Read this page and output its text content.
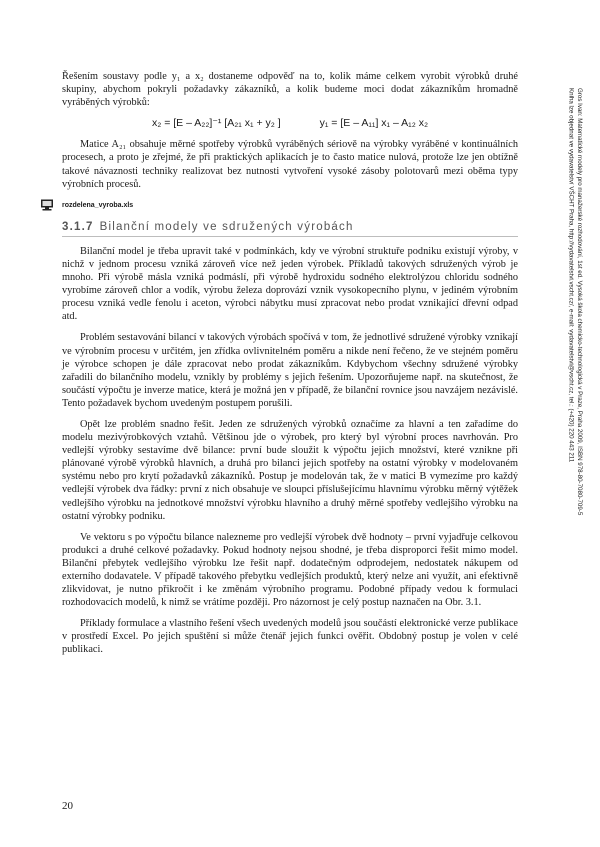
Řešením soustavy podle y₁ a x₂ dostaneme odpověď na to, kolik máme celkem vyrobit výrobků druhé skupiny, abychom pokryli požadavky zákazníků, a kolik budeme moci dodat zákazníkům hromadně vyráběných výrobků:

x₂ = [E – A₂₂]⁻¹ [A₂₁ x₁ + y₂ ]	y₁ = [E – A₁₁] x₁ – A₁₂ x₂

Matice A₂₁ obsahuje měrné spotřeby výrobků vyráběných sériově na výrobky vyráběné v kontinuálních procesech, a proto je zřejmé, že při praktických aplikacích je to často matice nulová, protože lze jen obtížně takové návaznosti techniky realizovat bez nutnosti vytvoření vysoké zásoby polotovarů mezi oběma typy výrobních procesů.

rozdelena_vyroba.xls
3.1.7 Bilanční modely ve sdružených výrobách

Bilanční model je třeba upravit také v podmínkách, kdy ve výrobní struktuře podniku existují výroby, v nichž v jednom procesu vzniká zároveň více než jeden výrobek. Příkladů takových sdružených výrob je mnoho. Při výrobě másla vzniká podmáslí, při výrobě hydroxidu sodného elektrolýzou chloridu sodného vyrobíme zároveň chlor a vodík, výrobu železa doprovází vznik vysokopecního plynu, v jediném výrobním procesu vzniká vedle fenolu i aceton, výrobci nábytku musí zpracovat nebo prodat vznikající dřevní odpad atd.

Problém sestavování bilancí v takových výrobách spočívá v tom, že jednotlivé sdružené výrobky vznikají ve výrobním procesu v určitém, jen zřídka ovlivnitelném poměru a nikde není řečeno, že ve stejném poměru je výrobce schopen je dále zpracovat nebo prodat zákazníkům. Kdybychom všechny sdružené výrobky zařadili do bilančního modelu, vznikly by problémy s jejich řešením. Upozorňujeme např. na skutečnost, že součástí výpočtu je inverze matice, která je možná jen v případě, že bilanční rovnice jsou navzájem nezávislé. Tento požadavek bychom uvedeným postupem porušili.

Opět lze problém snadno řešit. Jeden ze sdružených výrobků označíme za hlavní a ten zařadíme do modelu mezivýrobkových vztahů. Většinou jde o výrobek, pro který byl výrobní proces navrhován. Pro vedlejší výrobky sestavíme dvě bilance: první bude sloužit k výpočtu jejich množství, které vznikne při plánované výrobě výrobků hlavních, a druhá pro bilanci jejich spotřeby na ostatní výrobky v modelovaném systému nebo pro krytí požadavků zákazníků. Postup je modelován tak, že v matici B vymezíme pro každý vedlejší výrobek dva řádky: první z nich obsahuje ve sloupci příslušejícímu hlavnímu výrobku měrný výtěžek vedlejšího výrobku na jednotkové množství výrobku hlavního a druhý měrné spotřeby vedlejšího výrobku na ostatní výrobky podniku.

Ve vektoru s po výpočtu bilance nalezneme pro vedlejší výrobek dvě hodnoty – první vyjadřuje celkovou produkci a druhé celkové požadavky. Pokud hodnoty nejsou shodné, je třeba disproporci řešit mimo model. Bilanční přebytek vedlejšího výrobku lze řešit např. dodatečným odprodejem, nedostatek nákupem od externího dodavatele. V případě takového přebytku vedlejších produktů, který nelze ani využít, ani efektivně zlikvidovat, je nutno přikročit i ke změnám výrobního programu. Podobné případy vedou k formulaci rozhodovacích modelů, k nimž se vrátíme později. Pro názornost je celý postup naznačen na Obr. 3.1.

Příklady formulace a vlastního řešení všech uvedených modelů jsou součástí elektronické verze publikace v prostředí Excel. Po jejich spuštění si může čtenář jejich funkci ověřit. Obdobný postup je volen v celé publikaci.

20
Gros Ivan: Matematické modely pro manažerské rozhodování, 1st ed. Vysoká škola chemicko-technologická v Praze, Praha 2009, ISBN 978-80-7080-709-5
Kniha lze objednat ve vydavatelství VŠCHT Praha, http://vydavatelstvi.vscht.cz/, e-mail: vydavatelstvi@vscht.cz, tel.: (+420) 220 443 211
